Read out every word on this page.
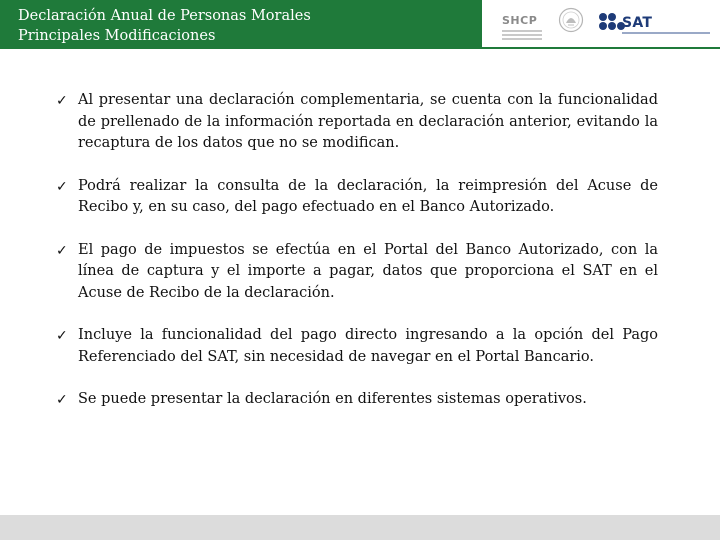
Declaración Anual de Personas Morales
Principales Modificaciones
SHCP	SAT
✓ Al presentar una declaración complementaria, se cuenta con la funcionalidad de prellenado de la información reportada en declaración anterior, evitando la recaptura de los datos que no se modifican.
✓ Podrá realizar la consulta de la declaración, la reimpresión del Acuse de Recibo y, en su caso, del pago efectuado en el Banco Autorizado.
✓ El pago de impuestos se efectúa en el Portal del Banco Autorizado, con la línea de captura y el importe a pagar, datos que proporciona el SAT en el Acuse de Recibo de la declaración.
✓ Incluye la funcionalidad del pago directo ingresando a la opción del Pago Referenciado del SAT, sin necesidad de navegar en el Portal Bancario.
✓ Se puede presentar la declaración en diferentes sistemas operativos.
